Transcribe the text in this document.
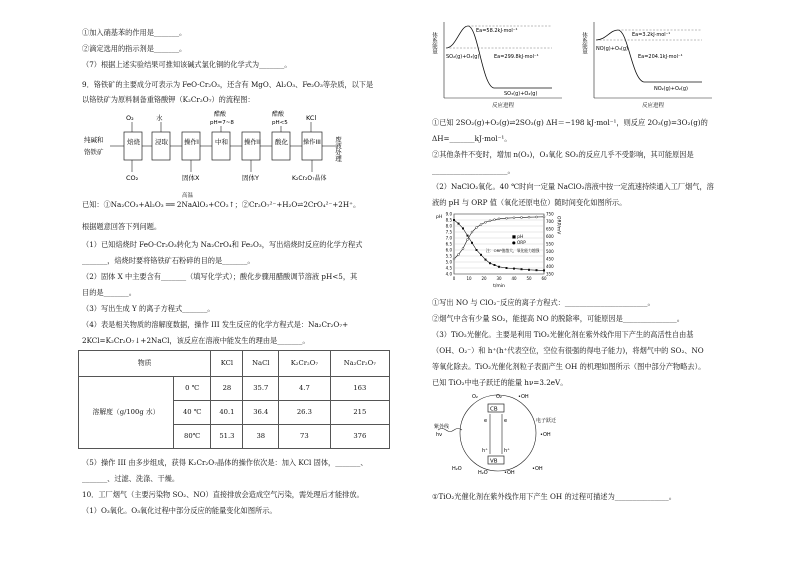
①加入硝基苯的作用是_______。
②滴定选用的指示剂是_______。
（7）根据上述实验结果可推知该碱式氯化铜的化学式为_______。
9．铬铁矿的主要成分可表示为 FeO·Cr₂O₃，还含有 MgO、Al₂O₃、Fe₂O₃等杂质，以下是
以铬铁矿为原料制备重铬酸钾（K₂Cr₂O₇）的流程图：
纯碱和
铬铁矿
O₂
焙烧
CO₂
水
浸取 操作I
固体X
醋酸
pH=7~8
中和 操作II
固体Y
醋酸
pH<5
酸化
KCl
操作III
K₂Cr₂O₇晶体
废液处理
已知：①Na₂CO₃+Al₂O₃ ══ 2NaAlO₂+CO₂↑；②Cr₂O₇²⁻+H₂O⇌2CrO₄²⁻+2H⁺。
高温
根据题意回答下列问题。
（1）已知焙烧时 FeO·Cr₂O₃转化为 Na₂CrO₄和 Fe₂O₃，写出焙烧时反应的化学方程式
_______，焙烧时要将铬铁矿石粉碎的目的是_______。
（2）固体 X 中主要含有_______（填写化学式）；酸化步骤用醋酸调节溶液 pH<5，其
目的是_______。
（3）写出生成 Y 的离子方程式_______。
（4）表是相关物质的溶解度数据，操作 III 发生反应的化学方程式是：Na₂Cr₂O₇+
2KCl=K₂Cr₂O₇↓+2NaCl，该反应在溶液中能发生的理由是_______。
物质		KCl	NaCl	K₂Cr₂O₇	Na₂Cr₂O₇
溶解度（g/100g 水）	0 ℃	28	35.7	4.7	163
	40 ℃	40.1	36.4	26.3	215
	80℃	51.3	38	73	376
（5）操作 III 由多步组成，获得 K₂Cr₂O₇晶体的操作依次是：加入 KCl 固体，_______、
_______、过滤、洗涤、干燥。
10．工厂烟气（主要污染物 SO₂、NO）直接排放会造成空气污染，需处理后才能排放。
（1）O₃氧化。O₃氧化过程中部分反应的能量变化如图所示。
体系能量
Ea=58.2kJ·mol⁻¹
Ea=299.8kJ·mol⁻¹
SO₂(g)+O₃(g)
SO₃(g)+O₂(g)
反应进程
体系能量	Ea=3.2kJ·mol⁻¹
Ea=204.1kJ·mol⁻¹
NO(g)+O₃(g)
NO₂(g)+O₂(g)
反应进程
①已知 2SO₂(g)+O₂(g)⇌2SO₃(g) ΔH＝−198 kJ·mol⁻¹，则反应 2O₃(g)=3O₂(g)的
ΔH=_______kJ·mol⁻¹。
②其他条件不变时，增加 n(O₃)，O₃氧化 SO₂的反应几乎不受影响，其可能原因是
_____________________。
（2）NaClO₂氧化。40 ℃时向一定量 NaClO₂溶液中按一定流速持续通入工厂烟气，溶
液的 pH 与 ORP 值（氧化还原电位）随时间变化如图所示。
4.0
4.5
5.0
5.5
6.0
6.5
7.0
7.5
8.0
8.5
9.0
350
400
450
500
550
600
650
700
750
0	10 20 30 40 50 60
pH	ORP/mV
t/min
■ pH
● ORP
注：ORP值越大，氧化能力越强
①写出 NO 与 ClO₂⁻反应的离子方程式：_______________________。
②烟气中含有少量 SO₂，能提高 NO 的脱除率，可能原因是_______________。
（3）TiO₂光催化。主要是利用 TiO₂光催化剂在紫外线作用下产生的高活性自由基
（OH、O₂⁻）和 h⁺(h⁺代表空位，空位有很强的得电子能力)，将烟气中的 SO₂、NO
等氧化除去。TiO₂光催化剂粒子表面产生 OH 的机理如图所示（图中部分产物略去）。
已知 TiO₂中电子跃迁的能量 hν=3.2eV。
CB
VB
e	e
h⁺	h⁺
紫外线
hν
电子跃迁
O₂	O₂⁻	•OH
•OH
•OH
H₂O
H₂O	•OH
①TiO₂光催化剂在紫外线作用下产生 OH 的过程可描述为_______________。
